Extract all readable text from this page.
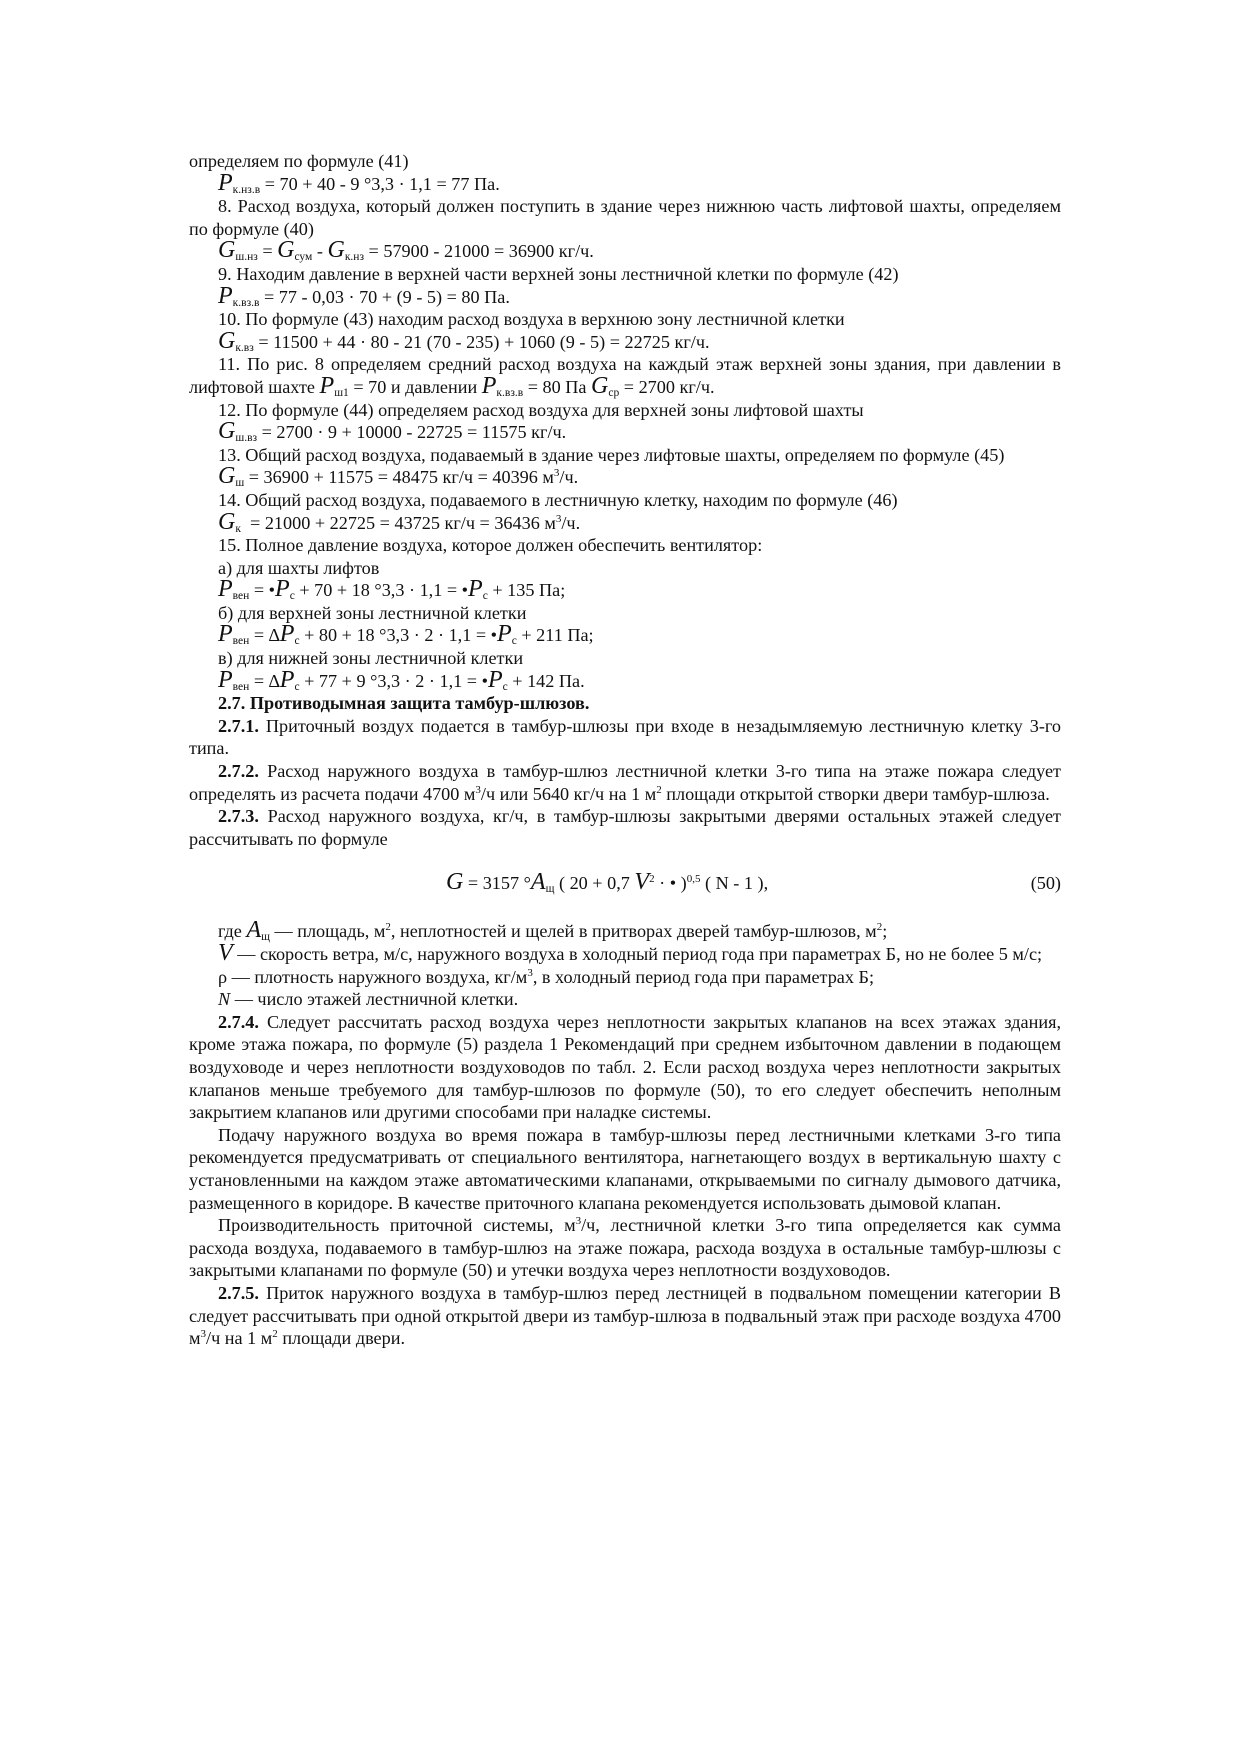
определяем по формуле (41)

$P_{к.нз.в} = 70 + 40 - 9$ °3,3 · 1,1 = 77 Па.

8. Расход воздуха, который должен поступить в здание через нижнюю часть лифтовой шахты, определяем по формуле (40)

$G_{ш.нз} = G_{сум} - G_{к.нз} = 57900 - 21000 = 36900$ кг/ч.

9. Находим давление в верхней части верхней зоны лестничной клетки по формуле (42)

$P_{к.вз.в} = 77 - 0,03 \cdot 70 + (9 - 5) = 80$ Па.

10. По формуле (43) находим расход воздуха в верхнюю зону лестничной клетки

$G_{к.вз} = 11500 + 44 \cdot 80 - 21$ (70 - 235) + 1060 (9 - 5) = 22725 кг/ч.

11. По рис. 8 определяем средний расход воздуха на каждый этаж верхней зоны здания, при давлении в лифтовой шахте $P_{ш1} = 70$ и давлении $P_{к.вз.в} = 80$ Па $G_{ср} = 2700$ кг/ч.

12. По формуле (44) определяем расход воздуха для верхней зоны лифтовой шахты

$G_{ш.вз} = 2700 \cdot 9 + 10000 - 22725 = 11575$ кг/ч.

13. Общий расход воздуха, подаваемый в здание через лифтовые шахты, определяем по формуле (45)

$G_ш = 36900 + 11575 = 48475$ кг/ч = 40396 $м^3/ч$.

14. Общий расход воздуха, подаваемого в лестничную клетку, находим по формуле (46)

$G_к = 21000 + 22725 = 43725$ кг/ч = 36436 $м^3/ч$.

15. Полное давление воздуха, которое должен обеспечить вентилятор:

а) для шахты лифтов

$P_{вен}$ = $•P_с + 70 + 18$ $^\circ 3,3 \cdot 1,1 = •P_с + 135$ Па;

б) для верхней зоны лестничной клетки

$P_{вен} = \Delta P_с + 80 + 18$ $^\circ 3,3 \cdot 2 \cdot 1,1 = •P_с + 211$ Па;

в) для нижней зоны лестничной клетки

$P_{вен} = \Delta P_с + 77 + 9$ $^\circ 3,3 \cdot 2 \cdot 1,1 = •P_с + 142$ Па.

2.7. Противодымная защита тамбур-шлюзов.

2.7.1. Приточный воздух подается в тамбур-шлюзы при входе в незадымляемую лестничную клетку 3-го типа.

2.7.2. Расход наружного воздуха в тамбур-шлюз лестничной клетки 3-го типа на этаже пожара следует определять из расчета подачи 4700 $м^3/ч$ или 5640 кг/ч на 1 $м^2$ площади открытой створки двери тамбур-шлюза.

2.7.3. Расход наружного воздуха, кг/ч, в тамбур-шлюзы закрытыми дверями остальных этажей следует рассчитывать по формуле

G = 3157 $^\circ A_щ$ ( 20 + 0,7 $V^2$ · • )$^{0,5}$ ( N - 1 ),	(50)

где $A_щ$ — площадь, $м^2$, неплотностей и щелей в притворах дверей тамбур-шлюзов, $м^2$;

V — скорость ветра, м/с, наружного воздуха в холодный период года при параметрах Б, но не более 5 м/с;

ρ — плотность наружного воздуха, $кг/м^3$, в холодный период года при параметрах Б;

N — число этажей лестничной клетки.

2.7.4. Следует рассчитать расход воздуха через неплотности закрытых клапанов на всех этажах здания, кроме этажа пожара, по формуле (5) раздела 1 Рекомендаций при среднем избыточном давлении в подающем воздуховоде и через неплотности воздуховодов по табл. 2. Если расход воздуха через неплотности закрытых клапанов меньше требуемого для тамбур-шлюзов по формуле (50), то его следует обеспечить неполным закрытием клапанов или другими способами при наладке системы.

Подачу наружного воздуха во время пожара в тамбур-шлюзы перед лестничными клетками 3-го типа рекомендуется предусматривать от специального вентилятора, нагнетающего воздух в вертикальную шахту с установленными на каждом этаже автоматическими клапанами, открываемыми по сигналу дымового датчика, размещенного в коридоре. В качестве приточного клапана рекомендуется использовать дымовой клапан.

Производительность приточной системы, $м^3/ч$, лестничной клетки 3-го типа определяется как сумма расхода воздуха, подаваемого в тамбур-шлюз на этаже пожара, расхода воздуха в остальные тамбур-шлюзы с закрытыми клапанами по формуле (50) и утечки воздуха через неплотности воздуховодов.

2.7.5. Приток наружного воздуха в тамбур-шлюз перед лестницей в подвальном помещении категории В следует рассчитывать при одной открытой двери из тамбур-шлюза в подвальный этаж при расходе воздуха 4700 $м^3/ч$ на 1 $м^2$ площади двери.
